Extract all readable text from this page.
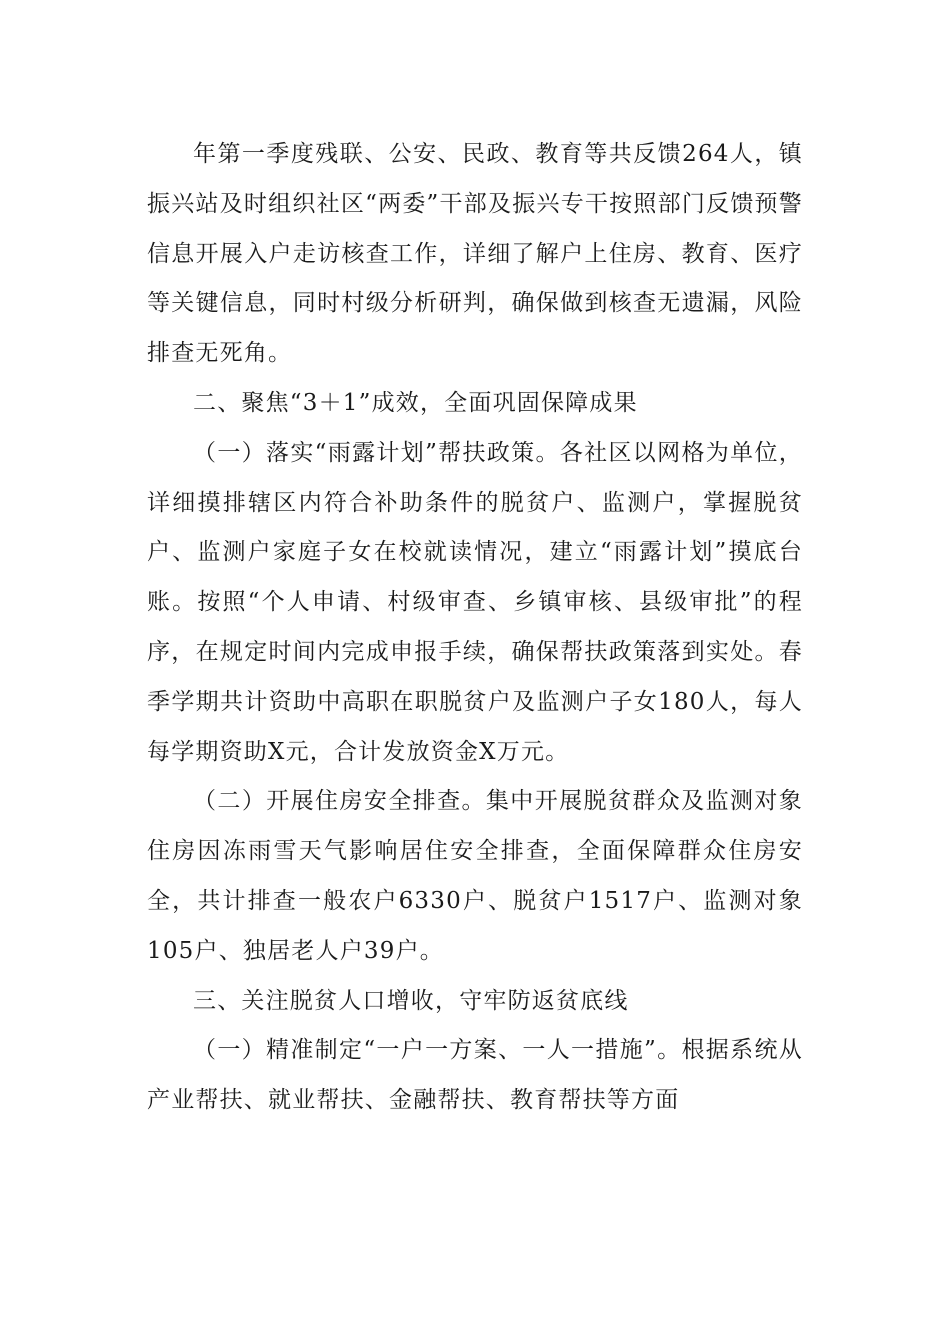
年第一季度残联、公安、民政、教育等共反馈264人，镇振兴站及时组织社区“两委”干部及振兴专干按照部门反馈预警信息开展入户走访核查工作，详细了解户上住房、教育、医疗等关键信息，同时村级分析研判，确保做到核查无遗漏，风险排查无死角。

二、聚焦“3＋1”成效，全面巩固保障成果

（一）落实“雨露计划”帮扶政策。各社区以网格为单位，详细摸排辖区内符合补助条件的脱贫户、监测户，掌握脱贫户、监测户家庭子女在校就读情况，建立“雨露计划”摸底台账。按照“个人申请、村级审查、乡镇审核、县级审批”的程序，在规定时间内完成申报手续，确保帮扶政策落到实处。春季学期共计资助中高职在职脱贫户及监测户子女180人，每人每学期资助X元，合计发放资金X万元。

（二）开展住房安全排查。集中开展脱贫群众及监测对象住房因冻雨雪天气影响居住安全排查，全面保障群众住房安全，共计排查一般农户6330户、脱贫户1517户、监测对象105户、独居老人户39户。

三、关注脱贫人口增收，守牢防返贫底线

（一）精准制定“一户一方案、一人一措施”。根据系统从产业帮扶、就业帮扶、金融帮扶、教育帮扶等方面
